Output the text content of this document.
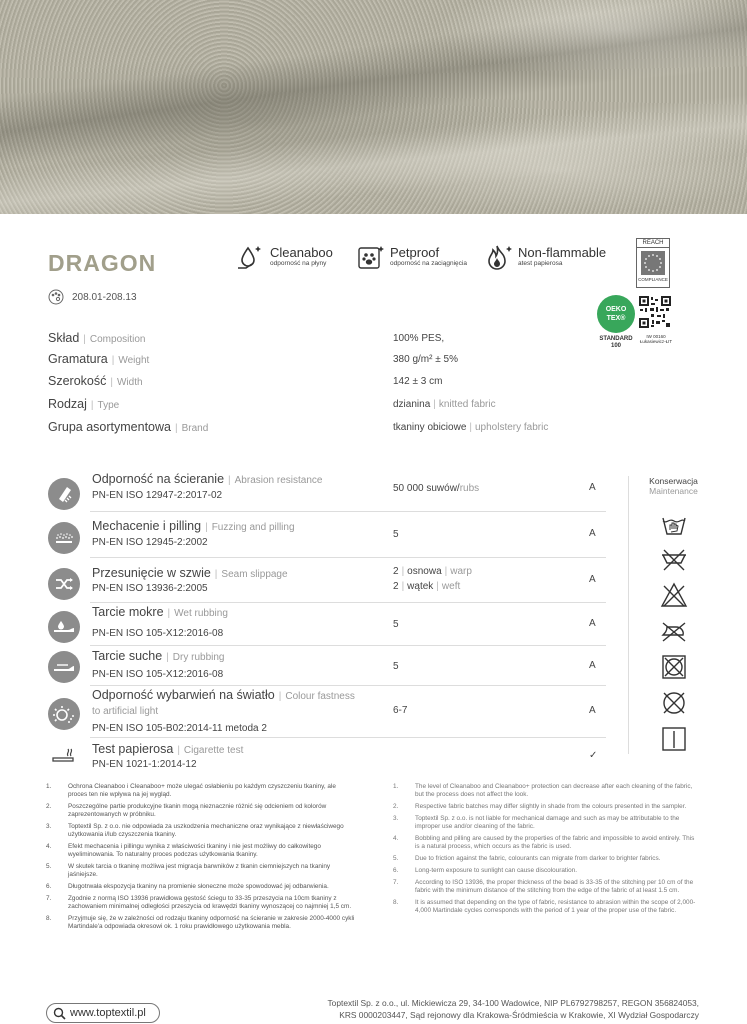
DRAGON
208.01-208.13
Cleanaboo
odporność na płyny
Petproof
odporność na zaciągnięcia
Non-flammable
atest papierosa
REACH
COMPLIANCE
OEKO
TEX®
STANDARD
100
IW 00160
Łukasiewicz-ŁIT
Skład | Composition	100% PES,
Gramatura | Weight	380 g/m² ± 5%
Szerokość | Width	142 ± 3 cm
Rodzaj | Type	dzianina | knitted fabric
Grupa asortymentowa | Brand	tkaniny obiciowe | upholstery fabric
Odporność na ścieranie | Abrasion resistance
PN-EN ISO 12947-2:2017-02
50 000 suwów/rubs	A
Mechacenie i pilling | Fuzzing and pilling
PN-EN ISO 12945-2:2002
5	A
Przesunięcie w szwie | Seam slippage
PN-EN ISO 13936-2:2005
2 | osnowa | warp
2 | wątek | weft
A
Tarcie mokre | Wet rubbing
PN-EN ISO 105-X12:2016-08
5	A
Tarcie suche | Dry rubbing
PN-EN ISO 105-X12:2016-08
5	A
Odporność wybarwień na światło | Colour fastness
to artificial light
PN-EN ISO 105-B02:2014-11 metoda 2
6-7	A
Test papierosa | Cigarette test
PN-EN 1021-1:2014-12
✓
Konserwacja
Maintenance
1.	Ochrona Cleanaboo i Cleanaboo+ może ulegać osłabieniu po każdym czyszczeniu tkaniny, ale proces ten nie wpływa na jej wygląd.
2.	Poszczególne partie produkcyjne tkanin mogą nieznacznie różnić się odcieniem od kolorów zaprezentowanych w próbniku.
3.	Toptextil Sp. z o.o. nie odpowiada za uszkodzenia mechaniczne oraz wynikające z niewłaściwego użytkowania i/lub czyszczenia tkaniny.
4.	Efekt mechacenia i pillingu wynika z właściwości tkaniny i nie jest możliwy do całkowitego wyeliminowania. To naturalny proces podczas użytkowania tkaniny.
5.	W skutek tarcia o tkaninę możliwa jest migracja barwników z tkanin ciemniejszych na tkaniny jaśniejsze.
6.	Długotrwała ekspozycja tkaniny na promienie słoneczne może spowodować jej odbarwienia.
7.	Zgodnie z normą ISO 13936 prawidłowa gęstość ściegu to 33-35 przeszycia na 10cm tkaniny z zachowaniem minimalnej odległości przeszycia od krawędzi tkaniny wynoszącej co najmniej 1,5 cm.
8.	Przyjmuje się, że w zależności od rodzaju tkaniny odporność na ścieranie w zakresie 2000-4000 cykli Martindale'a odpowiada okresowi ok. 1 roku prawidłowego użytkowania mebla.
1.	The level of Cleanaboo and Cleanaboo+ protection can decrease after each cleaning of the fabric, but the process does not affect the look.
2.	Respective fabric batches may differ slightly in shade from the colours presented in the sampler.
3.	Toptextil Sp. z o.o. is not liable for mechanical damage and such as may be attributable to the improper use and/or cleaning of the fabric.
4.	Bobbling and pilling are caused by the properties of the fabric and impossible to avoid entirely. This is a natural process, which occurs as the fabric is used.
5.	Due to friction against the fabric, colourants can migrate from darker to brighter fabrics.
6.	Long-term exposure to sunlight can cause discolouration.
7.	According to ISO 13936, the proper thickness of the bead is 33-35 of the stitching per 10 cm of the fabric with the minimum distance of the stitching from the edge of the fabric of at least 1.5 cm.
8.	It is assumed that depending on the type of fabric, resistance to abrasion within the scope of 2,000-4,000 Martindale cycles corresponds with the period of 1 year of the proper use of the fabric.
www.toptextil.pl
Toptextil Sp. z o.o., ul. Mickiewicza 29, 34-100 Wadowice, NIP PL6792798257, REGON 356824053,
KRS 0000203447, Sąd rejonowy dla Krakowa-Śródmieścia w Krakowie, XI Wydział Gospodarczy
